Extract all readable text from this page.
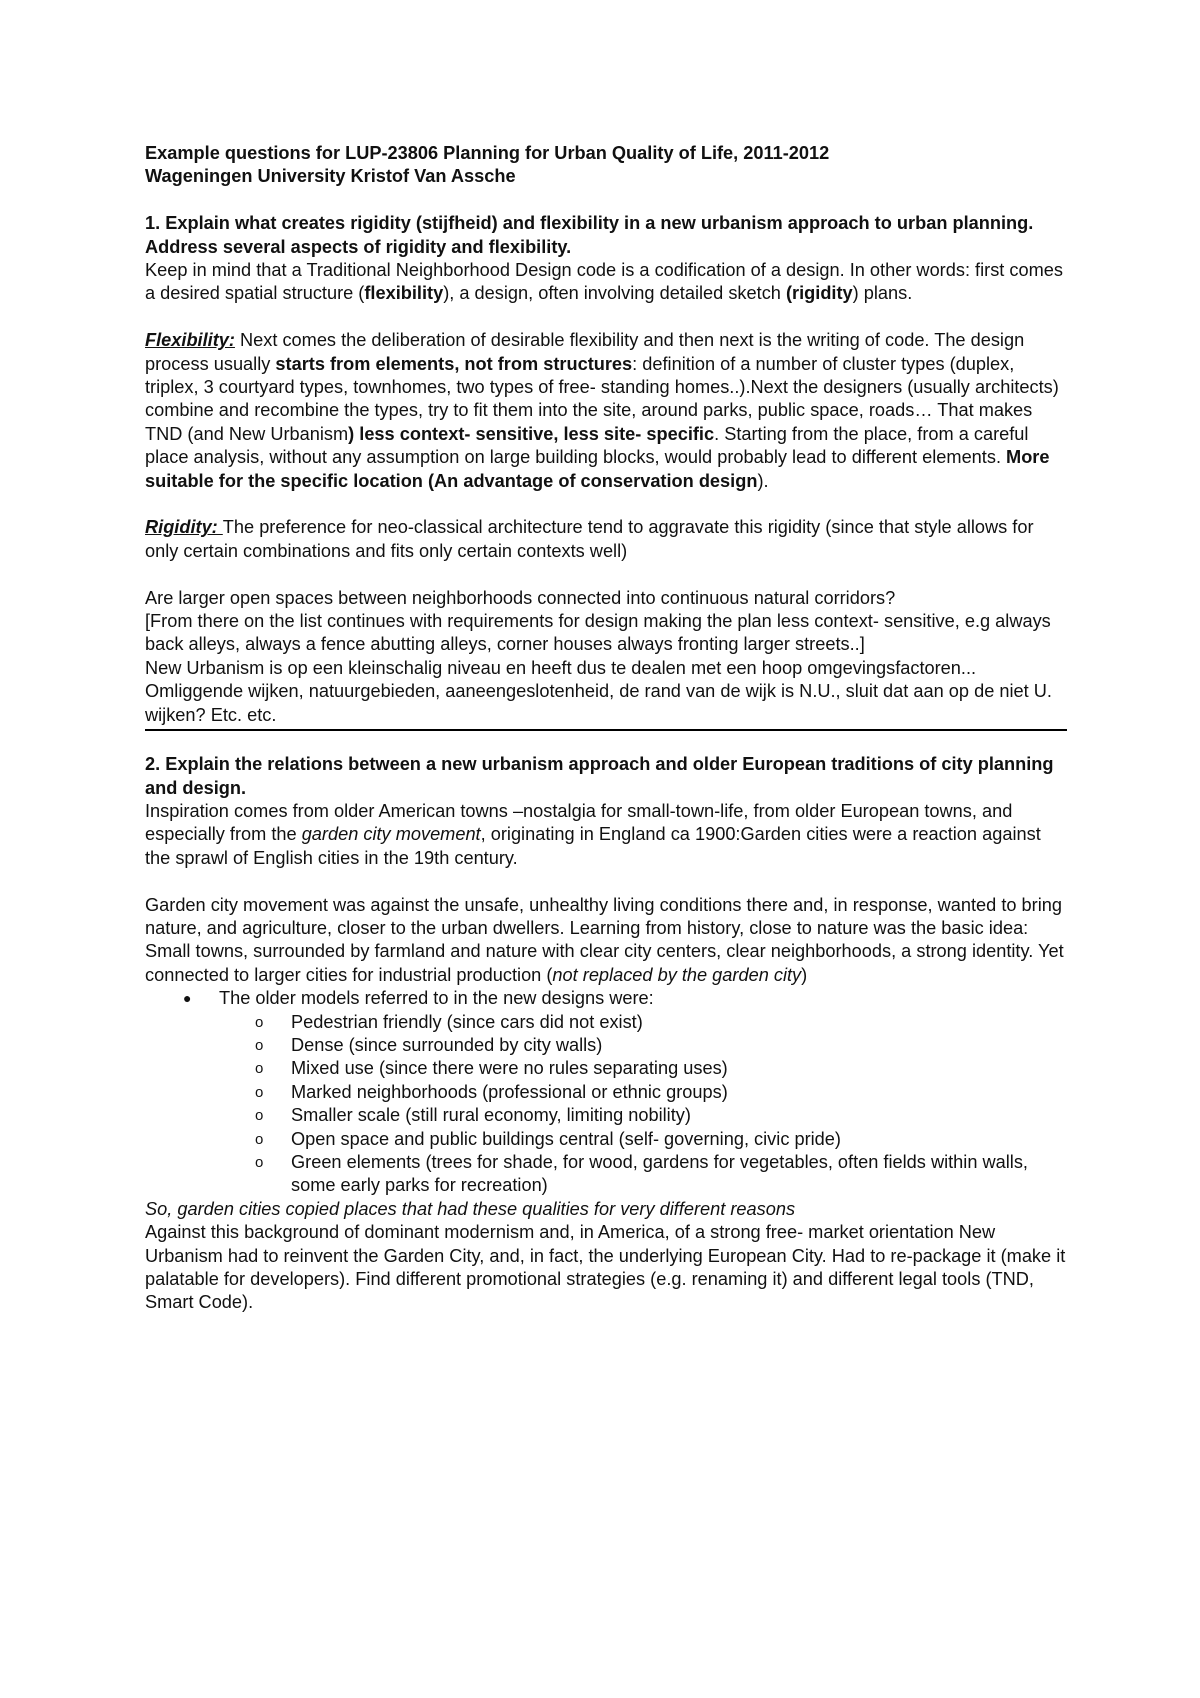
Example questions for LUP-23806 Planning for Urban Quality of Life, 2011-2012

Wageningen University Kristof Van Assche

1. Explain what creates rigidity (stijfheid) and flexibility in a new urbanism approach to urban planning. Address several aspects of rigidity and flexibility.

Keep in mind that a Traditional Neighborhood Design code is a codification of a design. In other words: first comes a desired spatial structure (flexibility), a design, often involving detailed sketch (rigidity) plans.

Flexibility: Next comes the deliberation of desirable flexibility and then next is the writing of code. The design process usually starts from elements, not from structures: definition of a number of cluster types (duplex, triplex, 3 courtyard types, townhomes, two types of free- standing homes..).Next the designers (usually architects) combine and recombine the types, try to fit them into the site, around parks, public space, roads… That makes TND (and New Urbanism) less context- sensitive, less site- specific. Starting from the place, from a careful place analysis, without any assumption on large building blocks, would probably lead to different elements. More suitable for the specific location (An advantage of conservation design).

Rigidity: The preference for neo-classical architecture tend to aggravate this rigidity (since that style allows for only certain combinations and fits only certain contexts well)

Are larger open spaces between neighborhoods connected into continuous natural corridors?

[From there on the list continues with requirements for design making the plan less context- sensitive, e.g always back alleys, always a fence abutting alleys, corner houses always fronting larger streets..]

New Urbanism is op een kleinschalig niveau en heeft dus te dealen met een hoop omgevingsfactoren... Omliggende wijken, natuurgebieden, aaneengeslotenheid, de rand van de wijk is N.U., sluit dat aan op de niet U. wijken? Etc. etc.

2. Explain the relations between a new urbanism approach and older European traditions of city planning and design.

Inspiration comes from older American towns –nostalgia for small-town-life, from older European towns, and especially from the garden city movement, originating in England ca 1900:Garden cities were a reaction against the sprawl of English cities in the 19th century.

Garden city movement was against the unsafe, unhealthy living conditions there and, in response, wanted to bring nature, and agriculture, closer to the urban dwellers. Learning from history, close to nature was the basic idea: Small towns, surrounded by farmland and nature with clear city centers, clear neighborhoods, a strong identity. Yet connected to larger cities for industrial production (not replaced by the garden city)

● The older models referred to in the new designs were:
o Pedestrian friendly (since cars did not exist)
o Dense (since surrounded by city walls)
o Mixed use (since there were no rules separating uses)
o Marked neighborhoods (professional or ethnic groups)
o Smaller scale (still rural economy, limiting nobility)
o Open space and public buildings central (self- governing, civic pride)
o Green elements (trees for shade, for wood, gardens for vegetables, often fields within walls, some early parks for recreation)

So, garden cities copied places that had these qualities for very different reasons

Against this background of dominant modernism and, in America, of a strong free- market orientation New Urbanism had to reinvent the Garden City, and, in fact, the underlying European City. Had to re-package it (make it palatable for developers). Find different promotional strategies (e.g. renaming it) and different legal tools (TND, Smart Code).
